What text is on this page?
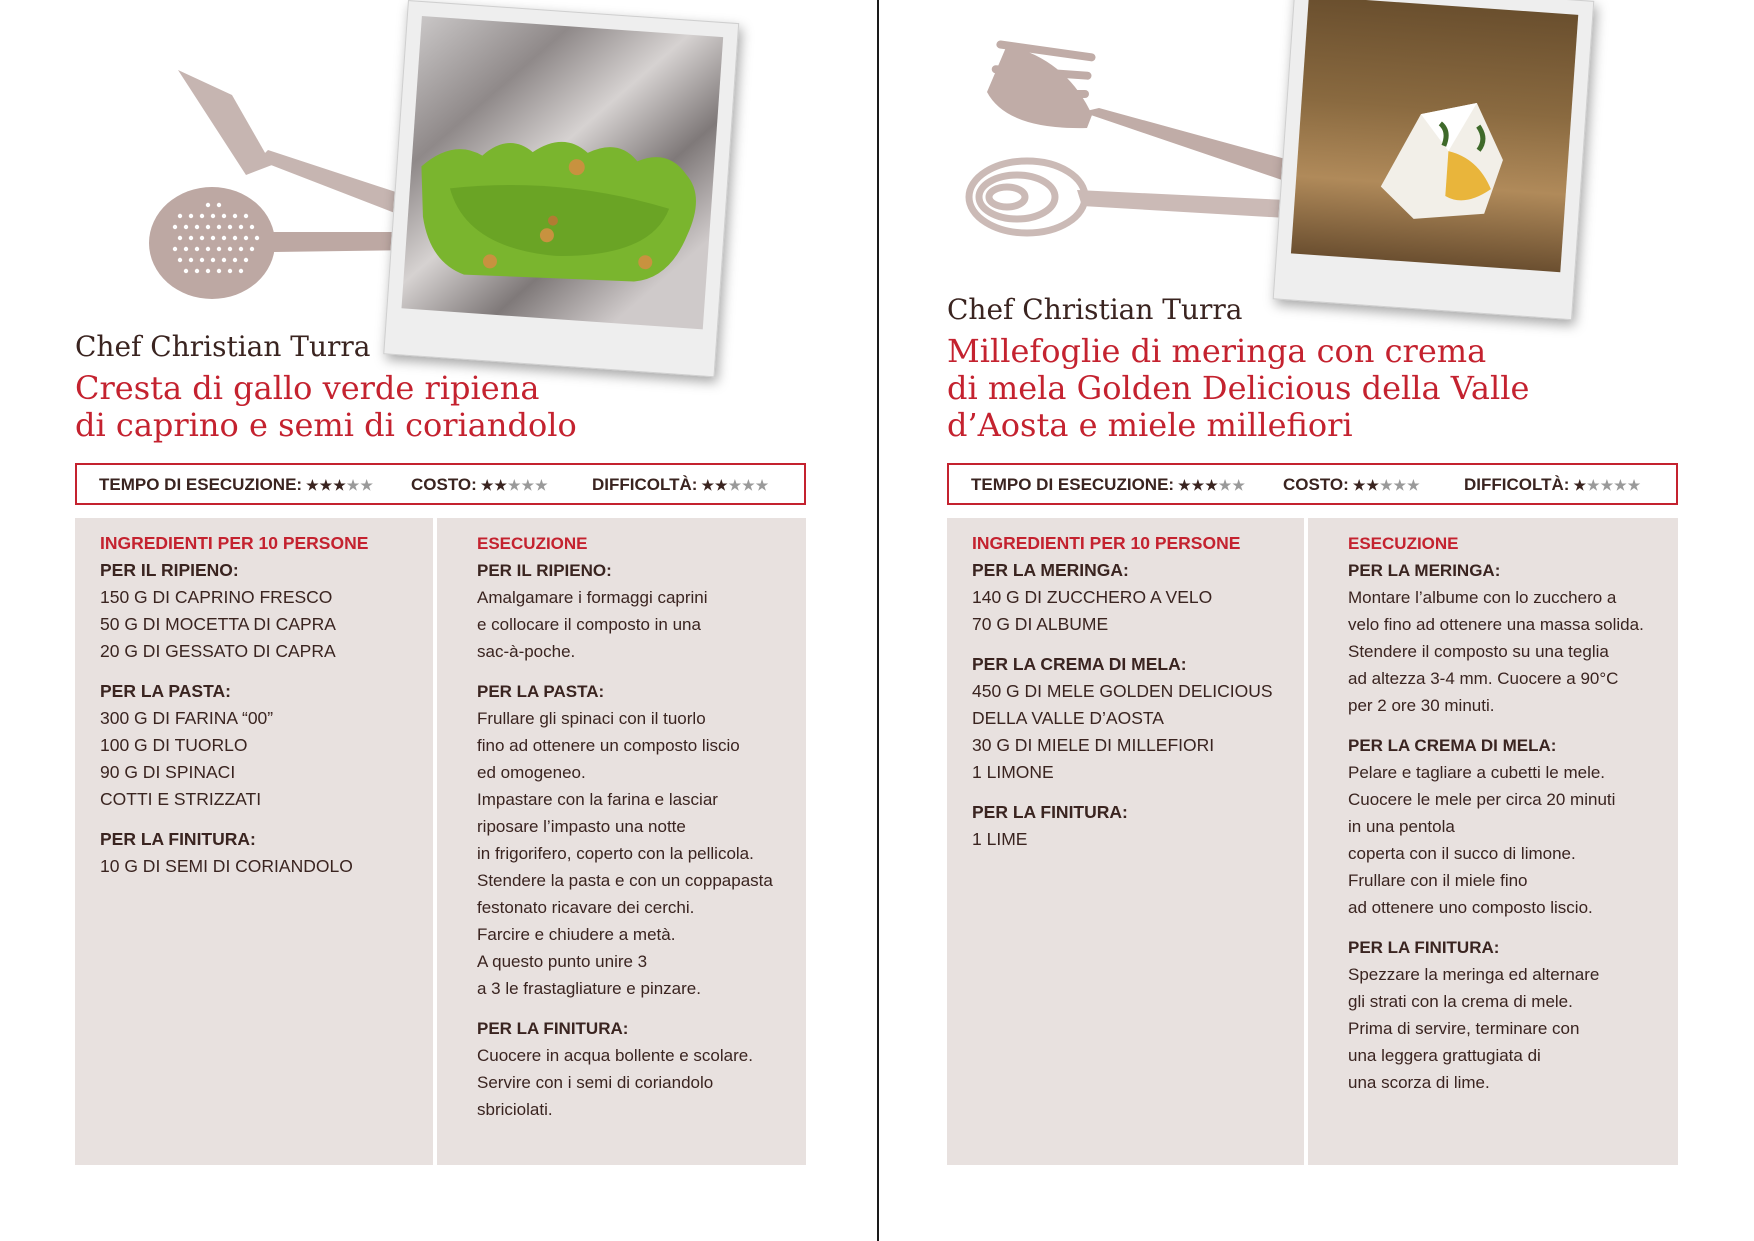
Chef Christian Turra
Cresta di gallo verde ripiena
di caprino e semi di coriandolo
TEMPO DI ESECUZIONE: ★★★★★ COSTO: ★★★★★	DIFFICOLTÀ: ★★★★★
INGREDIENTI PER 10 PERSONE
PER IL RIPIENO:
150 G DI CAPRINO FRESCO
50 G DI MOCETTA DI CAPRA
20 G DI GESSATO DI CAPRA
PER LA PASTA:
300 G DI FARINA “00”
100 G DI TUORLO
90 G DI SPINACI
COTTI E STRIZZATI
PER LA FINITURA:
10 G DI SEMI DI CORIANDOLO
ESECUZIONE
PER IL RIPIENO:
Amalgamare i formaggi caprini
e collocare il composto in una
sac-à-poche.
PER LA PASTA:
Frullare gli spinaci con il tuorlo
fino ad ottenere un composto liscio
ed omogeneo.
Impastare con la farina e lasciar
riposare l’impasto una notte
in frigorifero, coperto con la pellicola.
Stendere la pasta e con un coppapasta
festonato ricavare dei cerchi.
Farcire e chiudere a metà.
A questo punto unire 3
a 3 le frastagliature e pinzare.
PER LA FINITURA:
Cuocere in acqua bollente e scolare.
Servire con i semi di coriandolo
sbriciolati.
Chef Christian Turra
Millefoglie di meringa con crema
di mela Golden Delicious della Valle
d’Aosta e miele millefiori
TEMPO DI ESECUZIONE: ★★★★★ COSTO: ★★★★★	DIFFICOLTÀ: ★★★★★
INGREDIENTI PER 10 PERSONE
PER LA MERINGA:
140 G DI ZUCCHERO A VELO
70 G DI ALBUME
PER LA CREMA DI MELA:
450 G DI MELE GOLDEN DELICIOUS
DELLA VALLE D’AOSTA
30 G DI MIELE DI MILLEFIORI
1 LIMONE
PER LA FINITURA:
1 LIME
ESECUZIONE
PER LA MERINGA:
Montare l’albume con lo zucchero a
velo fino ad ottenere una massa solida.
Stendere il composto su una teglia
ad altezza 3-4 mm. Cuocere a 90°C
per 2 ore 30 minuti.
PER LA CREMA DI MELA:
Pelare e tagliare a cubetti le mele.
Cuocere le mele per circa 20 minuti
in una pentola
coperta con il succo di limone.
Frullare con il miele fino
ad ottenere uno composto liscio.
PER LA FINITURA:
Spezzare la meringa ed alternare
gli strati con la crema di mele.
Prima di servire, terminare con
una leggera grattugiata di
una scorza di lime.
